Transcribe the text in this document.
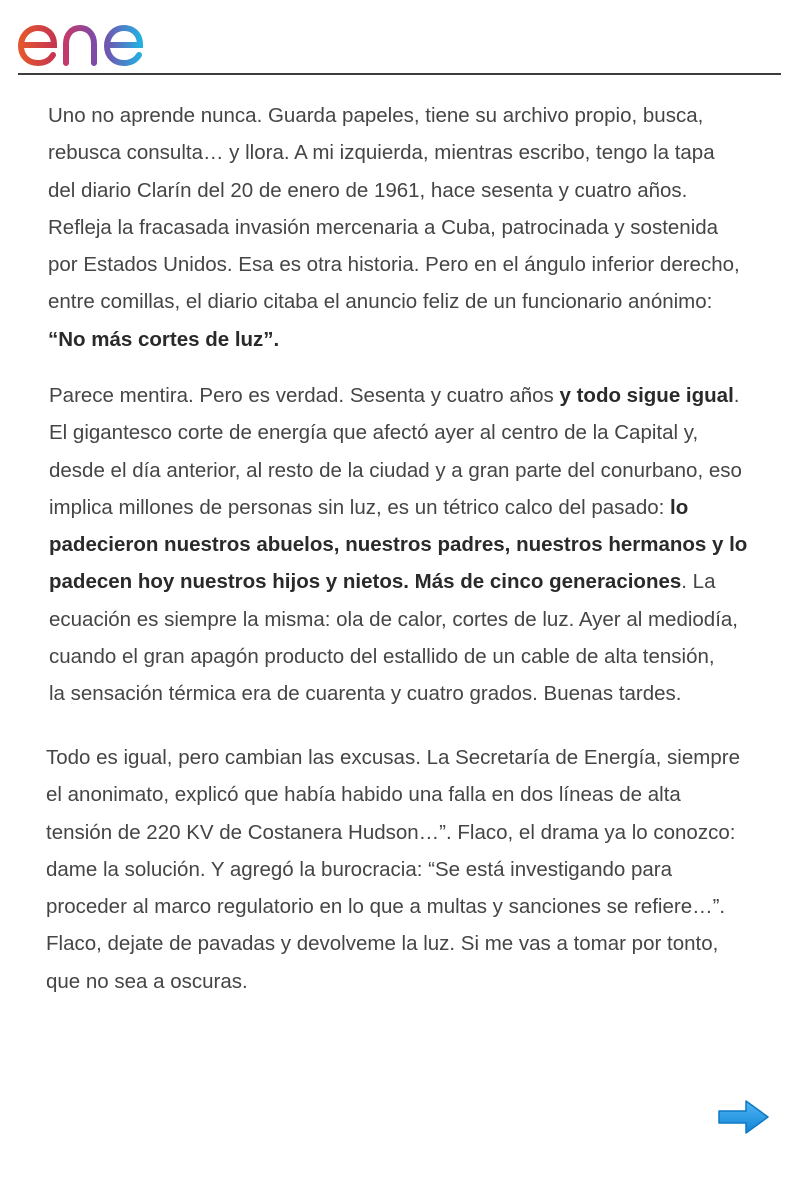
Uno no aprende nunca. Guarda papeles, tiene su archivo propio, busca,
rebusca consulta… y llora. A mi izquierda, mientras escribo, tengo la tapa
del diario Clarín del 20 de enero de 1961, hace sesenta y cuatro años.
Refleja la fracasada invasión mercenaria a Cuba, patrocinada y sostenida
por Estados Unidos. Esa es otra historia. Pero en el ángulo inferior derecho,
entre comillas, el diario citaba el anuncio feliz de un funcionario anónimo:
“No más cortes de luz”.

Parece mentira. Pero es verdad. Sesenta y cuatro años y todo sigue igual.
El gigantesco corte de energía que afectó ayer al centro de la Capital y,
desde el día anterior, al resto de la ciudad y a gran parte del conurbano, eso
implica millones de personas sin luz, es un tétrico calco del pasado: lo
padecieron nuestros abuelos, nuestros padres, nuestros hermanos y lo
padecen hoy nuestros hijos y nietos. Más de cinco generaciones. La
ecuación es siempre la misma: ola de calor, cortes de luz. Ayer al mediodía,
cuando el gran apagón producto del estallido de un cable de alta tensión,
la sensación térmica era de cuarenta y cuatro grados. Buenas tardes.

Todo es igual, pero cambian las excusas. La Secretaría de Energía, siempre
el anonimato, explicó que había habido una falla en dos líneas de alta
tensión de 220 KV de Costanera Hudson…”. Flaco, el drama ya lo conozco:
dame la solución. Y agregó la burocracia: “Se está investigando para
proceder al marco regulatorio en lo que a multas y sanciones se refiere…”.
Flaco, dejate de pavadas y devolveme la luz. Si me vas a tomar por tonto,
que no sea a oscuras.
